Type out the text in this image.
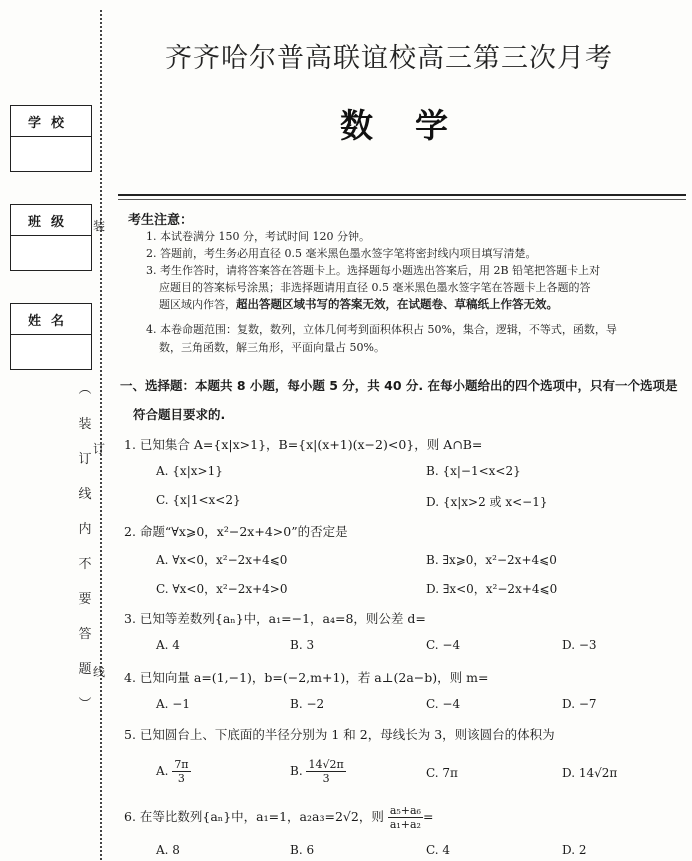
学校
班级
姓名
装
订
线
︵
装
订
线
内
不
要
答
题
︶
齐齐哈尔普高联谊校高三第三次月考
数学
考生注意：

1. 本试卷满分 150 分，考试时间 120 分钟。

2. 答题前，考生务必用直径 0.5 毫米黑色墨水签字笔将密封线内项目填写清楚。

3. 考生作答时，请将答案答在答题卡上。选择题每小题选出答案后，用 2B 铅笔把答题卡上对

应题目的答案标号涂黑；非选择题请用直径 0.5 毫米黑色墨水签字笔在答题卡上各题的答

题区域内作答，超出答题区域书写的答案无效，在试题卷、草稿纸上作答无效。

4. 本卷命题范围：复数，数列，立体几何考到面积体积占 50%，集合，逻辑，不等式，函数，导

数，三角函数，解三角形，平面向量占 50%。

一、选择题：本题共 8 小题，每小题 5 分，共 40 分. 在每小题给出的四个选项中，只有一个选项是
符合题目要求的.
1. 已知集合 A={x|x>1}，B={x|(x+1)(x−2)<0}，则 A∩B=
A. {x|x>1}	B. {x|−1<x<2}
C. {x|1<x<2}	D. {x|x>2 或 x<−1}
2. 命题“∀x⩾0，x²−2x+4>0”的否定是
A. ∀x<0，x²−2x+4⩽0	B. ∃x⩾0，x²−2x+4⩽0
C. ∀x<0，x²−2x+4>0	D. ∃x<0，x²−2x+4⩽0
3. 已知等差数列{aₙ}中，a₁=−1，a₄=8，则公差 d=
A. 4	B. 3	C. −4	D. −3
4. 已知向量 a=(1,−1)，b=(−2,m+1)，若 a⊥(2a−b)，则 m=
A. −1	B. −2	C. −4	D. −7
5. 已知圆台上、下底面的半径分别为 1 和 2，母线长为 3，则该圆台的体积为
A. $\frac{7\pi}{3}$	B. $\frac{14√2\pi}{3}$	C. 7π	D. 14√2π
6. 在等比数列{aₙ}中，a₁=1，a₂a₃=2√2，则 $\frac{\text{a₅+a₆}}{\text{a₁+a₂}}$ =
A. 8	B. 6	C. 4	D. 2
